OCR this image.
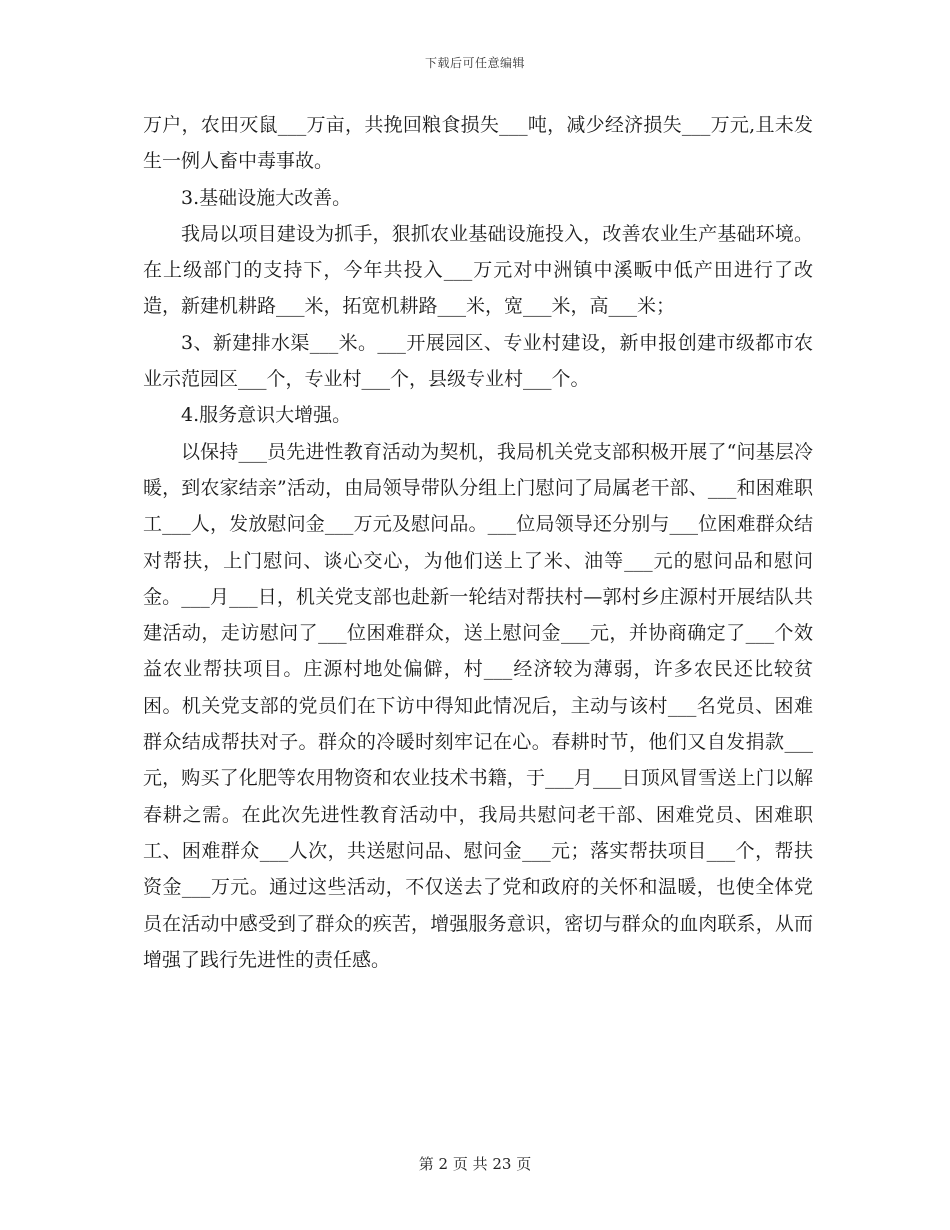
下载后可任意编辑

万户，农田灭鼠___万亩，共挽回粮食损失___吨，减少经济损失___万元,且未发生一例人畜中毒事故。

3.基础设施大改善。

我局以项目建设为抓手，狠抓农业基础设施投入，改善农业生产基础环境。在上级部门的支持下，今年共投入___万元对中洲镇中溪畈中低产田进行了改造，新建机耕路___米，拓宽机耕路___米，宽___米，高___米；

3、新建排水渠___米。___开展园区、专业村建设，新申报创建市级都市农业示范园区___个，专业村___个，县级专业村___个。

4.服务意识大增强。

以保持___员先进性教育活动为契机，我局机关党支部积极开展了“问基层冷暖，到农家结亲”活动，由局领导带队分组上门慰问了局属老干部、___和困难职工___人，发放慰问金___万元及慰问品。___位局领导还分别与___位困难群众结对帮扶，上门慰问、谈心交心，为他们送上了米、油等___元的慰问品和慰问金。___月___日，机关党支部也赴新一轮结对帮扶村—郭村乡庄源村开展结队共建活动，走访慰问了___位困难群众，送上慰问金___元，并协商确定了___个效益农业帮扶项目。庄源村地处偏僻，村___经济较为薄弱，许多农民还比较贫困。机关党支部的党员们在下访中得知此情况后，主动与该村___名党员、困难群众结成帮扶对子。群众的冷暖时刻牢记在心。春耕时节，他们又自发捐款___元，购买了化肥等农用物资和农业技术书籍，于___月___日顶风冒雪送上门以解春耕之需。在此次先进性教育活动中，我局共慰问老干部、困难党员、困难职工、困难群众___人次，共送慰问品、慰问金___元；落实帮扶项目___个，帮扶资金___万元。通过这些活动，不仅送去了党和政府的关怀和温暖，也使全体党员在活动中感受到了群众的疾苦，增强服务意识，密切与群众的血肉联系，从而增强了践行先进性的责任感。

第 2 页 共 23 页
